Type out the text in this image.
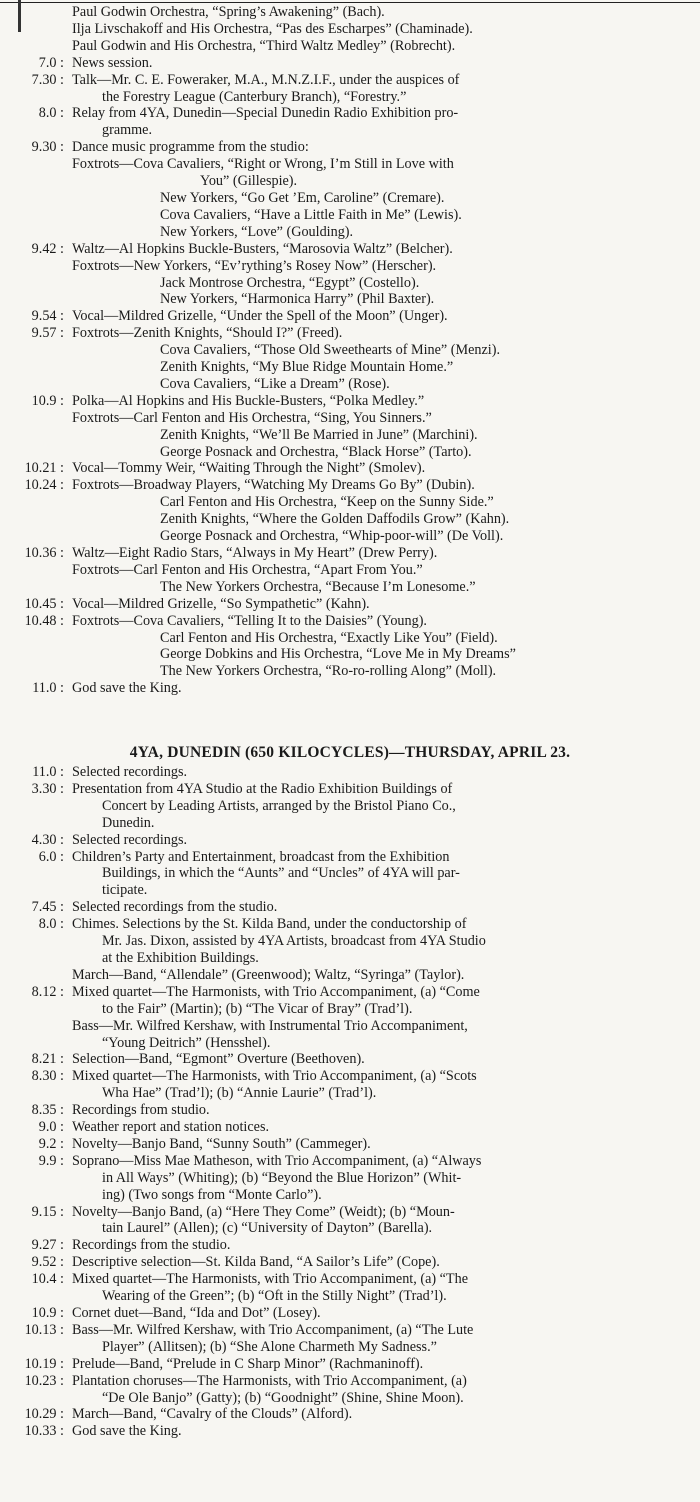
Paul Godwin Orchestra, “Spring’s Awakening” (Bach).
Ilja Livschakoff and His Orchestra, “Pas des Escharpes” (Chaminade).
Paul Godwin and His Orchestra, “Third Waltz Medley” (Robrecht).
7.0 : News session.
7.30 : Talk—Mr. C. E. Foweraker, M.A., M.N.Z.I.F., under the auspices of
the Forestry League (Canterbury Branch), “Forestry.”
8.0 : Relay from 4YA, Dunedin—Special Dunedin Radio Exhibition pro-
gramme.
9.30 : Dance music programme from the studio:
Foxtrots—Cova Cavaliers, “Right or Wrong, I’m Still in Love with
You” (Gillespie).
New Yorkers, “Go Get ’Em, Caroline” (Cremare).
Cova Cavaliers, “Have a Little Faith in Me” (Lewis).
New Yorkers, “Love” (Goulding).
9.42 : Waltz—Al Hopkins Buckle-Busters, “Marosovia Waltz” (Belcher).
Foxtrots—New Yorkers, “Ev’rything’s Rosey Now” (Herscher).
Jack Montrose Orchestra, “Egypt” (Costello).
New Yorkers, “Harmonica Harry” (Phil Baxter).
9.54 : Vocal—Mildred Grizelle, “Under the Spell of the Moon” (Unger).
9.57 : Foxtrots—Zenith Knights, “Should I?” (Freed).
Cova Cavaliers, “Those Old Sweethearts of Mine” (Menzi).
Zenith Knights, “My Blue Ridge Mountain Home.”
Cova Cavaliers, “Like a Dream” (Rose).
10.9 : Polka—Al Hopkins and His Buckle-Busters, “Polka Medley.”
Foxtrots—Carl Fenton and His Orchestra, “Sing, You Sinners.”
Zenith Knights, “We’ll Be Married in June” (Marchini).
George Posnack and Orchestra, “Black Horse” (Tarto).
10.21 : Vocal—Tommy Weir, “Waiting Through the Night” (Smolev).
10.24 : Foxtrots—Broadway Players, “Watching My Dreams Go By” (Dubin).
Carl Fenton and His Orchestra, “Keep on the Sunny Side.”
Zenith Knights, “Where the Golden Daffodils Grow” (Kahn).
George Posnack and Orchestra, “Whip-poor-will” (De Voll).
10.36 : Waltz—Eight Radio Stars, “Always in My Heart” (Drew Perry).
Foxtrots—Carl Fenton and His Orchestra, “Apart From You.”
The New Yorkers Orchestra, “Because I’m Lonesome.”
10.45 : Vocal—Mildred Grizelle, “So Sympathetic” (Kahn).
10.48 : Foxtrots—Cova Cavaliers, “Telling It to the Daisies” (Young).
Carl Fenton and His Orchestra, “Exactly Like You” (Field).
George Dobkins and His Orchestra, “Love Me in My Dreams”
The New Yorkers Orchestra, “Ro-ro-rolling Along” (Moll).
11.0 : God save the King.
4YA, DUNEDIN (650 KILOCYCLES)—THURSDAY, APRIL 23.
11.0 : Selected recordings.
3.30 : Presentation from 4YA Studio at the Radio Exhibition Buildings of
Concert by Leading Artists, arranged by the Bristol Piano Co.,
Dunedin.
4.30 : Selected recordings.
6.0 : Children’s Party and Entertainment, broadcast from the Exhibition
Buildings, in which the “Aunts” and “Uncles” of 4YA will par-
ticipate.
7.45 : Selected recordings from the studio.
8.0 : Chimes. Selections by the St. Kilda Band, under the conductorship of
Mr. Jas. Dixon, assisted by 4YA Artists, broadcast from 4YA Studio
at the Exhibition Buildings.
March—Band, “Allendale” (Greenwood); Waltz, “Syringa” (Taylor).
8.12 : Mixed quartet—The Harmonists, with Trio Accompaniment, (a) “Come
to the Fair” (Martin); (b) “The Vicar of Bray” (Trad’l).
Bass—Mr. Wilfred Kershaw, with Instrumental Trio Accompaniment,
“Young Deitrich” (Hensshel).
8.21 : Selection—Band, “Egmont” Overture (Beethoven).
8.30 : Mixed quartet—The Harmonists, with Trio Accompaniment, (a) “Scots
Wha Hae” (Trad’l); (b) “Annie Laurie” (Trad’l).
8.35 : Recordings from studio.
9.0 : Weather report and station notices.
9.2 : Novelty—Banjo Band, “Sunny South” (Cammeger).
9.9 : Soprano—Miss Mae Matheson, with Trio Accompaniment, (a) “Always
in All Ways” (Whiting); (b) “Beyond the Blue Horizon” (Whit-
ing) (Two songs from “Monte Carlo”).
9.15 : Novelty—Banjo Band, (a) “Here They Come” (Weidt); (b) “Moun-
tain Laurel” (Allen); (c) “University of Dayton” (Barella).
9.27 : Recordings from the studio.
9.52 : Descriptive selection—St. Kilda Band, “A Sailor’s Life” (Cope).
10.4 : Mixed quartet—The Harmonists, with Trio Accompaniment, (a) “The
Wearing of the Green”; (b) “Oft in the Stilly Night” (Trad’l).
10.9 : Cornet duet—Band, “Ida and Dot” (Losey).
10.13 : Bass—Mr. Wilfred Kershaw, with Trio Accompaniment, (a) “The Lute
Player” (Allitsen); (b) “She Alone Charmeth My Sadness.”
10.19 : Prelude—Band, “Prelude in C Sharp Minor” (Rachmaninoff).
10.23 : Plantation choruses—The Harmonists, with Trio Accompaniment, (a)
“De Ole Banjo” (Gatty); (b) “Goodnight” (Shine, Shine Moon).
10.29 : March—Band, “Cavalry of the Clouds” (Alford).
10.33 : God save the King.
